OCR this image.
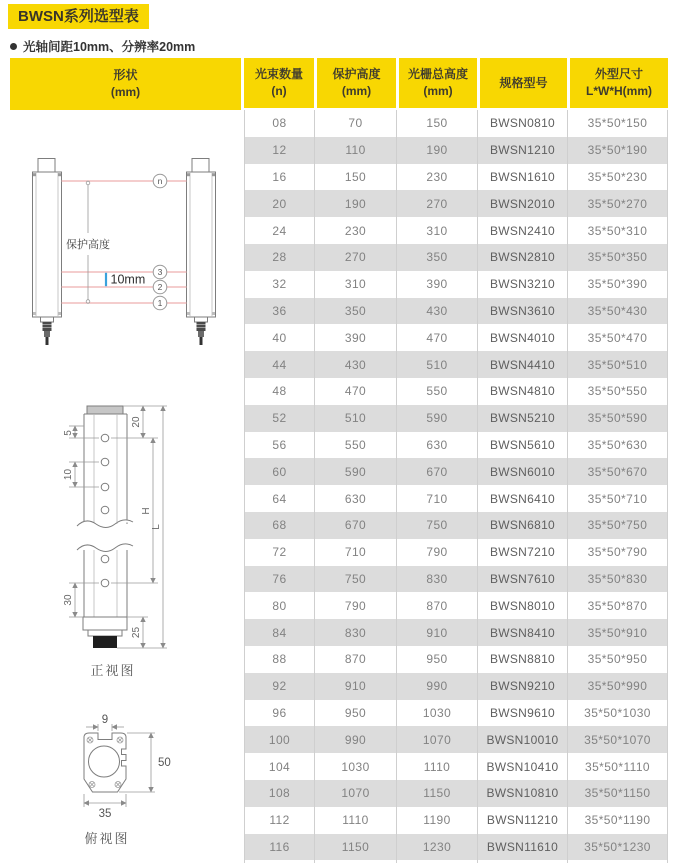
BWSN系列选型表
光轴间距10mm、分辨率20mm
形状
(mm)
n
3
2
1
保护高度
10mm
5
10
30
20
25
H
L
正视图
9
50
35
俯视图
光束数量
(n)

保护高度
(mm)

光栅总高度
(mm)

规格型号

外型尺寸
L*W*H(mm)

08	70	150	BWSN0810	35*50*150
12	110	190	BWSN1210	35*50*190
16	150	230	BWSN1610	35*50*230
20	190	270	BWSN2010	35*50*270
24	230	310	BWSN2410	35*50*310
28	270	350	BWSN2810	35*50*350
32	310	390	BWSN3210	35*50*390
36	350	430	BWSN3610	35*50*430
40	390	470	BWSN4010	35*50*470
44	430	510	BWSN4410	35*50*510
48	470	550	BWSN4810	35*50*550
52	510	590	BWSN5210	35*50*590
56	550	630	BWSN5610	35*50*630
60	590	670	BWSN6010	35*50*670
64	630	710	BWSN6410	35*50*710
68	670	750	BWSN6810	35*50*750
72	710	790	BWSN7210	35*50*790
76	750	830	BWSN7610	35*50*830
80	790	870	BWSN8010	35*50*870
84	830	910	BWSN8410	35*50*910
88	870	950	BWSN8810	35*50*950
92	910	990	BWSN9210	35*50*990
96	950	1030	BWSN9610	35*50*1030
100	990	1070	BWSN10010	35*50*1070
104	1030	1110	BWSN10410	35*50*1110
108	1070	1150	BWSN10810	35*50*1150
112	1110	1190	BWSN11210	35*50*1190
116	1150	1230	BWSN11610	35*50*1230
